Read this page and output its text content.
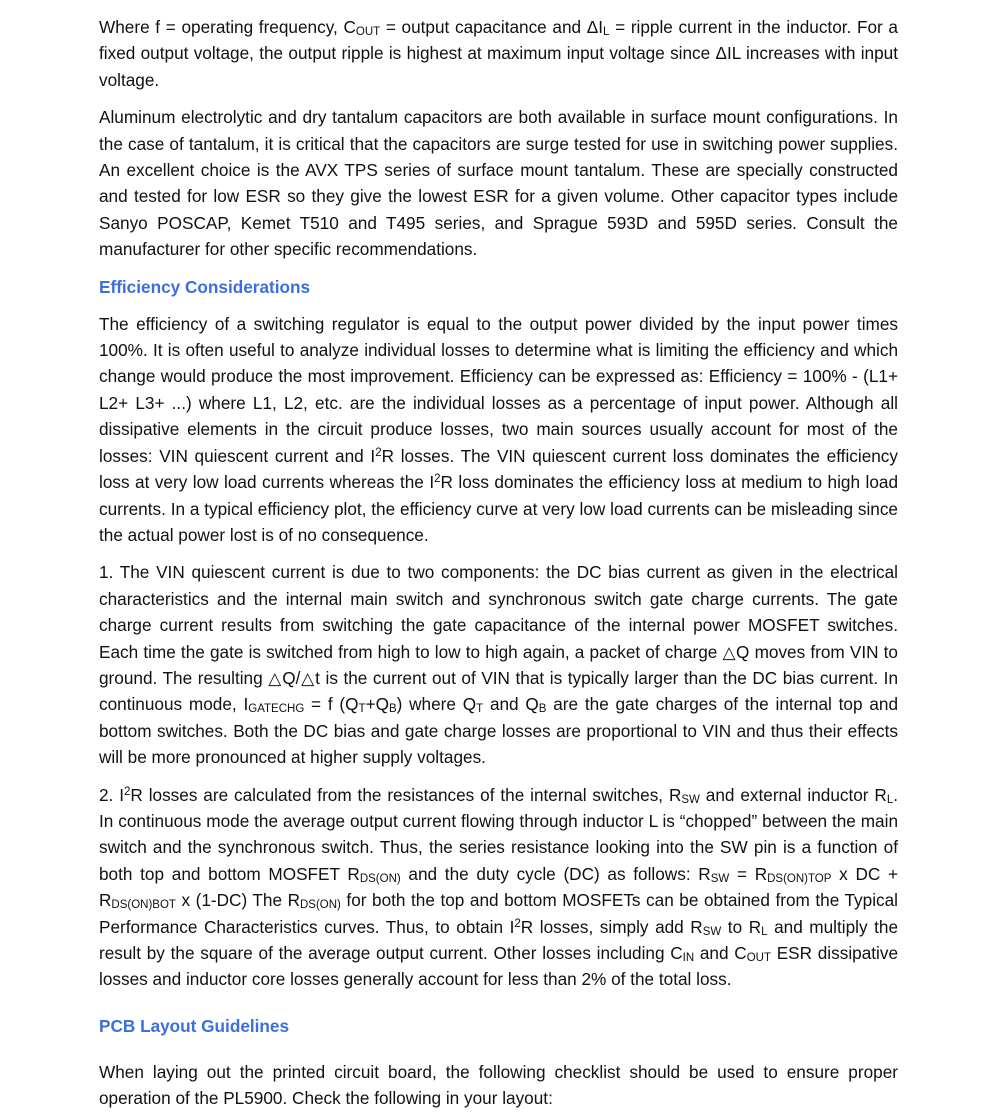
Where f = operating frequency, $C_{OUT}$ = output capacitance and $\Delta I_L$ = ripple current in the inductor. For a fixed output voltage, the output ripple is highest at maximum input voltage since ΔIL increases with input voltage.

Aluminum electrolytic and dry tantalum capacitors are both available in surface mount configurations. In the case of tantalum, it is critical that the capacitors are surge tested for use in switching power supplies. An excellent choice is the AVX TPS series of surface mount tantalum. These are specially constructed and tested for low ESR so they give the lowest ESR for a given volume. Other capacitor types include Sanyo POSCAP, Kemet T510 and T495 series, and Sprague 593D and 595D series. Consult the manufacturer for other specific recommendations.

Efficiency Considerations

The efficiency of a switching regulator is equal to the output power divided by the input power times 100%. It is often useful to analyze individual losses to determine what is limiting the efficiency and which change would produce the most improvement. Efficiency can be expressed as: Efficiency = 100% - (L1+ L2+ L3+ ...) where L1, L2, etc. are the individual losses as a percentage of input power. Although all dissipative elements in the circuit produce losses, two main sources usually account for most of the losses: VIN quiescent current and $I^2R$ losses. The VIN quiescent current loss dominates the efficiency loss at very low load currents whereas the $I^2R$ loss dominates the efficiency loss at medium to high load currents. In a typical efficiency plot, the efficiency curve at very low load currents can be misleading since the actual power lost is of no consequence.

1. The VIN quiescent current is due to two components: the DC bias current as given in the electrical characteristics and the internal main switch and synchronous switch gate charge currents. The gate charge current results from switching the gate capacitance of the internal power MOSFET switches. Each time the gate is switched from high to low to high again, a packet of charge △Q moves from VIN to ground. The resulting △Q/△t is the current out of VIN that is typically larger than the DC bias current. In continuous mode, $I_{GATECHG} = f$ $(Q_T+Q_B)$ where $Q_T$ and $Q_B$ are the gate charges of the internal top and bottom switches. Both the DC bias and gate charge losses are proportional to VIN and thus their effects will be more pronounced at higher supply voltages.

2. $I^2R$ losses are calculated from the resistances of the internal switches, $R_{SW}$ and external inductor $R_L$. In continuous mode the average output current flowing through inductor L is “chopped” between the main switch and the synchronous switch. Thus, the series resistance looking into the SW pin is a function of both top and bottom MOSFET $R_{DS(ON)}$ and the duty cycle (DC) as follows: $R_{SW} = R_{DS(ON)TOP}$ x DC + $R_{DS(ON)BOT}$ x (1-DC) The $R_{DS(ON)}$ for both the top and bottom MOSFETs can be obtained from the Typical Performance Characteristics curves. Thus, to obtain $I^2R$ losses, simply add $R_{SW}$ to $R_L$ and multiply the result by the square of the average output current. Other losses including $C_{IN}$ and $C_{OUT}$ ESR dissipative losses and inductor core losses generally account for less than 2% of the total loss.

PCB Layout Guidelines

When laying out the printed circuit board, the following checklist should be used to ensure proper operation of the PL5900. Check the following in your layout:
